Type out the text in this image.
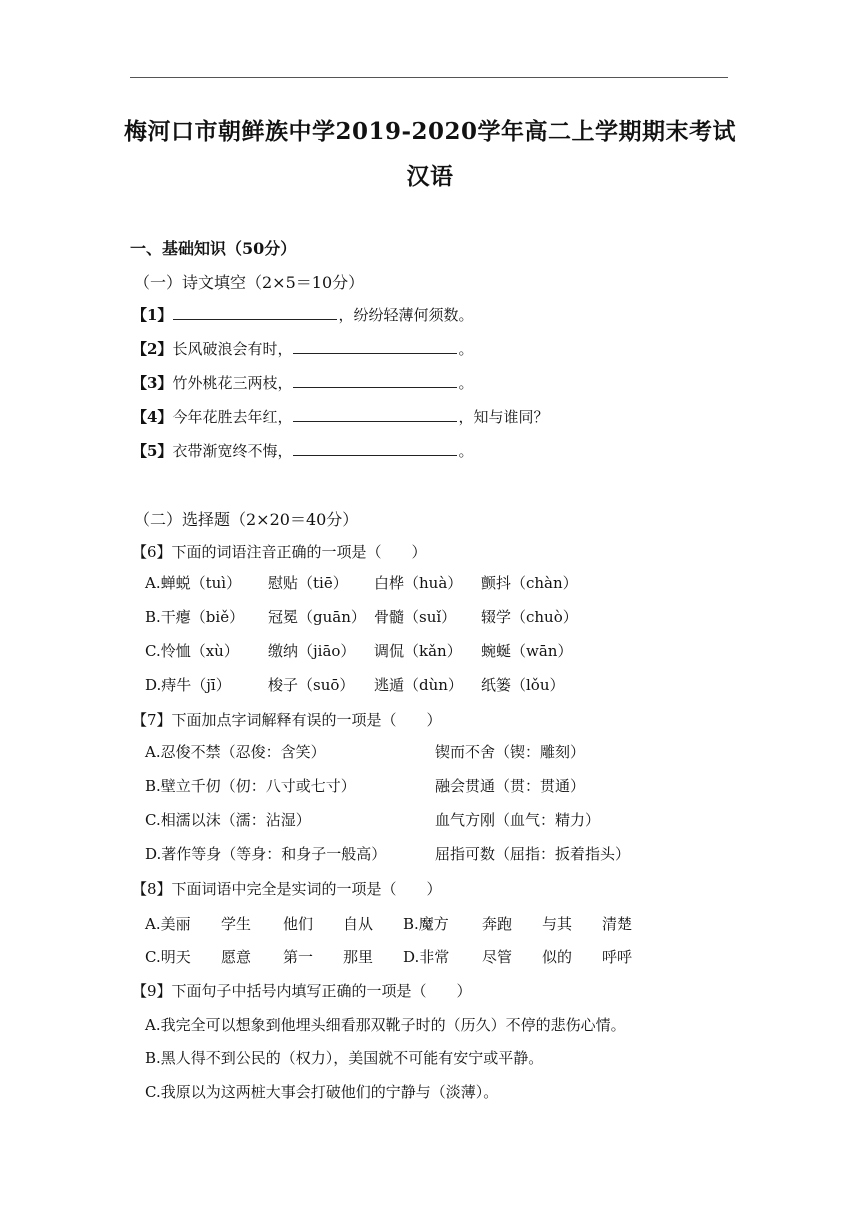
梅河口市朝鲜族中学2019-2020学年高二上学期期末考试
汉语
一、基础知识（50分）
（一）诗文填空（2×5＝10分）
【1】	，纷纷轻薄何须数。
【2】长风破浪会有时，	。
【3】竹外桃花三两枝，	。
【4】今年花胜去年红，	，知与谁同？
【5】衣带渐宽终不悔，	。
（二）选择题（2×20＝40分）
【6】下面的词语注音正确的一项是（　　）
A.蝉蜕（tuì） 慰贴（tiē） 白桦（huà） 颤抖（chàn）
B.干瘪（biě） 冠冕（guān） 骨髓（suǐ） 辍学（chuò）
C.怜恤（xù） 缴纳（jiāo） 调侃（kǎn） 蜿蜒（wān）
D.痔牛（jī） 梭子（suō） 逃遁（dùn） 纸篓（lǒu）
【7】下面加点字词解释有误的一项是（　　）
A.忍俊不禁（忍俊：含笑）	锲而不舍（锲：雕刻）
B.壁立千仞（仞：八寸或七寸）	融会贯通（贯：贯通）
C.相濡以沫（濡：沾湿）	血气方刚（血气：精力）
D.著作等身（等身：和身子一般高）	屈指可数（屈指：扳着指头）
【8】下面词语中完全是实词的一项是（　　）
A.美丽 学生 他们 自从 B.魔方 奔跑 与其 清楚
C.明天 愿意 第一 那里 D.非常 尽管 似的 呼呼
【9】下面句子中括号内填写正确的一项是（　　）
A.我完全可以想象到他埋头细看那双靴子时的（历久）不停的悲伤心情。
B.黑人得不到公民的（权力），美国就不可能有安宁或平静。
C.我原以为这两桩大事会打破他们的宁静与（淡薄）。
